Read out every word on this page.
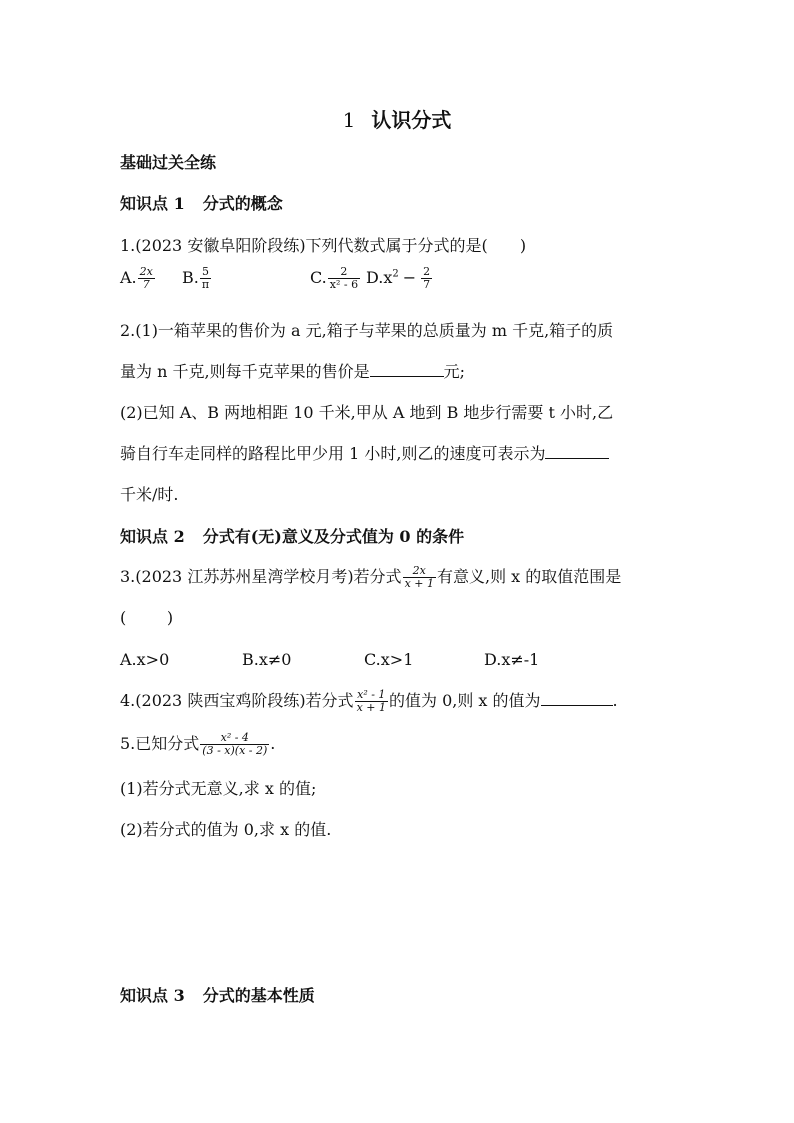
1 认识分式
基础过关全练
知识点 1 分式的概念
1.(2023 安徽阜阳阶段练)下列代数式属于分式的是( )
A. $\frac{2x}{7} B$. $\frac{5}{\pi}$	C. $\frac{2}{\text{x² - 6}} D.x^2 - \frac{2}{7}$
2.(1)一箱苹果的售价为 a 元,箱子与苹果的总质量为 m 千克,箱子的质
量为 n 千克,则每千克苹果的售价是	元;
(2)已知 A、B 两地相距 10 千米,甲从 A 地到 B 地步行需要 t 小时,乙
骑自行车走同样的路程比甲少用 1 小时,则乙的速度可表示为
千米/时.
知识点 2 分式有(无)意义及分式值为 0 的条件
3.(2023 江苏苏州星湾学校月考)若分式 $\frac{2x}{x + 1}$ 有意义,则 x 的取值范围是
(        )
A.x>0	B.x≠0	C.x>1	D.x≠-1
4.(2023 陕西宝鸡阶段练)若分式 $\frac{\text{x² - 1}}{x + 1}$ 的值为 0,则 x 的值为	.
5.已知分式 $\frac{\text{x² - 4}}{(3 - x)(x - 2)}$ .
(1)若分式无意义,求 x 的值;
(2)若分式的值为 0,求 x 的值.
知识点 3 分式的基本性质
